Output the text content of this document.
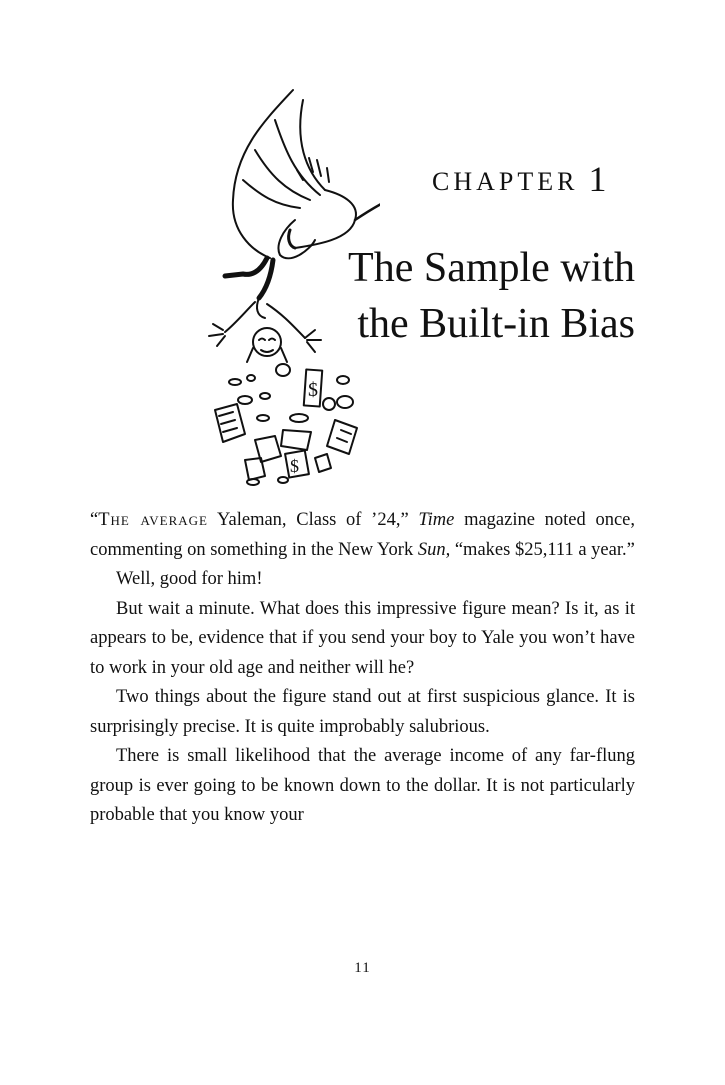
$
$
CHAPTER 1
The Sample with
the Built-in Bias

“The average Yaleman, Class of ’24,” Time magazine noted once, commenting on something in the New York Sun, “makes $25,111 a year.”

Well, good for him!

But wait a minute. What does this impressive figure mean? Is it, as it appears to be, evidence that if you send your boy to Yale you won’t have to work in your old age and neither will he?

Two things about the figure stand out at first suspicious glance. It is surprisingly precise. It is quite improbably salubrious.

There is small likelihood that the average income of any far-flung group is ever going to be known down to the dollar. It is not particularly probable that you know your

11
